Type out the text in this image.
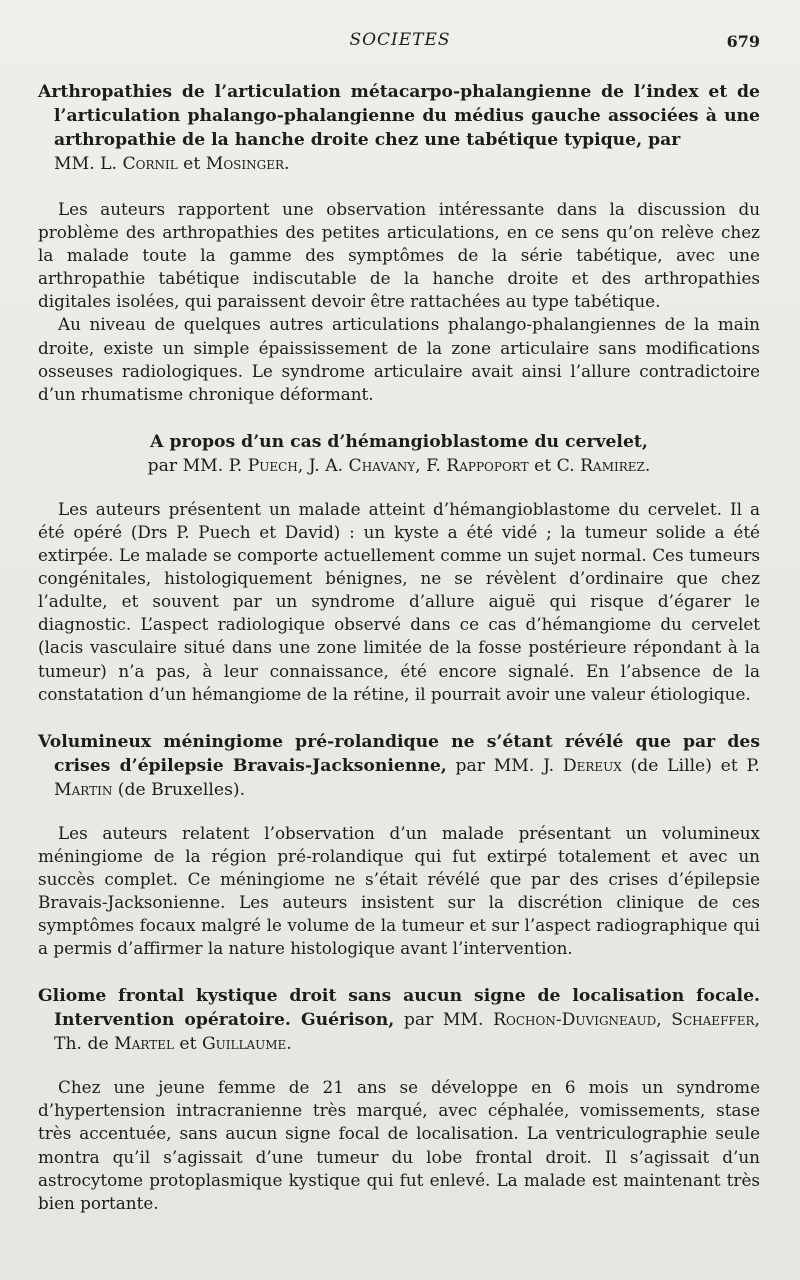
SOCIETES	679

Arthropathies de l’articulation métacarpo-phalangienne de l’index et de l’articulation phalango-phalangienne du médius gauche associées à une arthropathie de la hanche droite chez une tabétique typique, par
MM. L. Cornil et Mosinger.

Les auteurs rapportent une observation intéressante dans la discussion du problème des arthropathies des petites articulations, en ce sens qu’on relève chez la malade toute la gamme des symptômes de la série tabétique, avec une arthropathie tabétique indiscutable de la hanche droite et des arthropathies digitales isolées, qui paraissent devoir être rattachées au type tabétique.

Au niveau de quelques autres articulations phalango-phalangiennes de la main droite, existe un simple épaississement de la zone articulaire sans modifications osseuses radiologiques. Le syndrome articulaire avait ainsi l’allure contradictoire d’un rhumatisme chronique déformant.

A propos d’un cas d’hémangioblastome du cervelet,
par MM. P. Puech, J. A. Chavany, F. Rappoport et C. Ramirez.

Les auteurs présentent un malade atteint d’hémangioblastome du cervelet. Il a été opéré (Drs P. Puech et David) : un kyste a été vidé ; la tumeur solide a été extirpée. Le malade se comporte actuellement comme un sujet normal. Ces tumeurs congénitales, histologiquement bénignes, ne se révèlent d’ordinaire que chez l’adulte, et souvent par un syndrome d’allure aiguë qui risque d’égarer le diagnostic. L’aspect radiologique observé dans ce cas d’hémangiome du cervelet (lacis vasculaire situé dans une zone limitée de la fosse postérieure répondant à la tumeur) n’a pas, à leur connaissance, été encore signalé. En l’absence de la constatation d’un hémangiome de la rétine, il pourrait avoir une valeur étiologique.

Volumineux méningiome pré-rolandique ne s’étant révélé que par des crises d’épilepsie Bravais-Jacksonienne, par MM. J. Dereux (de Lille) et P. Martin (de Bruxelles).

Les auteurs relatent l’observation d’un malade présentant un volumineux méningiome de la région pré-rolandique qui fut extirpé totalement et avec un succès complet. Ce méningiome ne s’était révélé que par des crises d’épilepsie Bravais-Jacksonienne. Les auteurs insistent sur la discrétion clinique de ces symptômes focaux malgré le volume de la tumeur et sur l’aspect radiographique qui a permis d’affirmer la nature histologique avant l’intervention.

Gliome frontal kystique droit sans aucun signe de localisation focale. Intervention opératoire. Guérison, par MM. Rochon-Duvigneaud, Schaeffer, Th. de Martel et Guillaume.

Chez une jeune femme de 21 ans se développe en 6 mois un syndrome d’hypertension intracranienne très marqué, avec céphalée, vomissements, stase très accentuée, sans aucun signe focal de localisation. La ventriculographie seule montra qu’il s’agissait d’une tumeur du lobe frontal droit. Il s’agissait d’un astrocytome protoplasmique kystique qui fut enlevé. La malade est maintenant très bien portante.
